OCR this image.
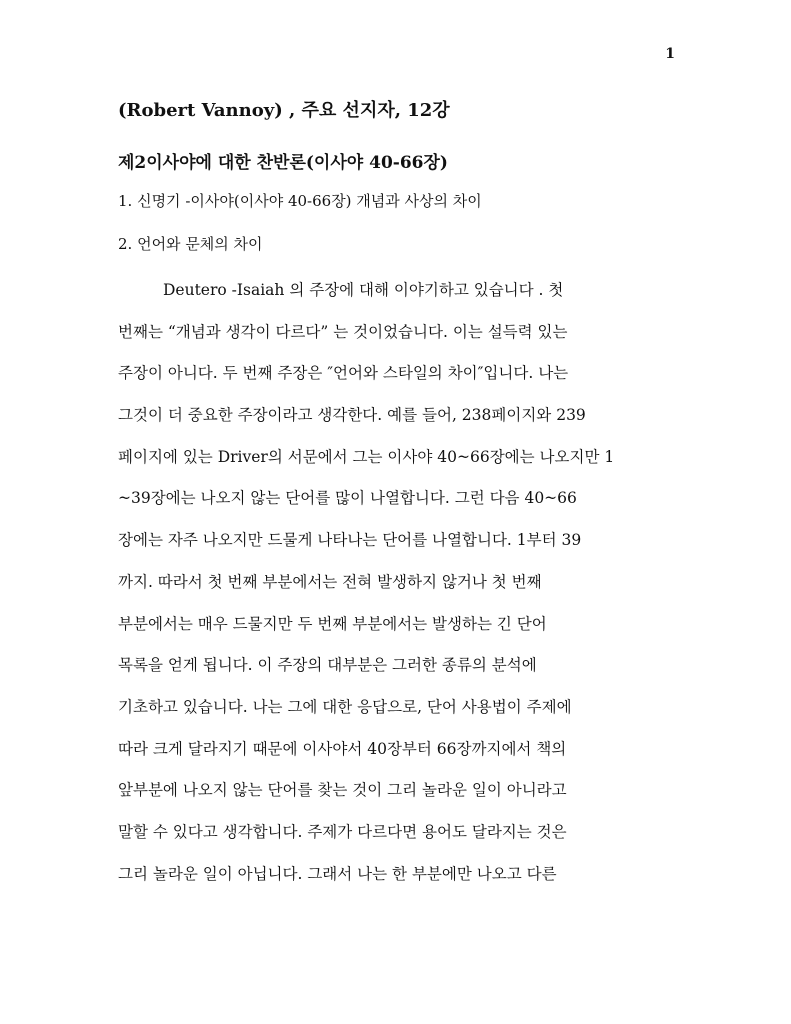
1
(Robert Vannoy) , 주요 선지자, 12강
제2이사야에 대한 찬반론(이사야 40-66장)

1. 신명기 -이사야(이사야 40-66장) 개념과 사상의 차이

2. 언어와 문체의 차이

Deutero -Isaiah 의 주장에 대해 이야기하고 있습니다 . 첫
번째는 “개념과 생각이 다르다” 는 것이었습니다. 이는 설득력 있는
주장이 아니다. 두 번째 주장은 ″언어와 스타일의 차이″입니다. 나는
그것이 더 중요한 주장이라고 생각한다. 예를 들어, 238페이지와 239
페이지에 있는 Driver의 서문에서 그는 이사야 40~66장에는 나오지만 1
~39장에는 나오지 않는 단어를 많이 나열합니다. 그런 다음 40~66
장에는 자주 나오지만 드물게 나타나는 단어를 나열합니다. 1부터 39
까지. 따라서 첫 번째 부분에서는 전혀 발생하지 않거나 첫 번째
부분에서는 매우 드물지만 두 번째 부분에서는 발생하는 긴 단어
목록을 얻게 됩니다. 이 주장의 대부분은 그러한 종류의 분석에
기초하고 있습니다. 나는 그에 대한 응답으로, 단어 사용법이 주제에
따라 크게 달라지기 때문에 이사야서 40장부터 66장까지에서 책의
앞부분에 나오지 않는 단어를 찾는 것이 그리 놀라운 일이 아니라고
말할 수 있다고 생각합니다. 주제가 다르다면 용어도 달라지는 것은
그리 놀라운 일이 아닙니다. 그래서 나는 한 부분에만 나오고 다른
